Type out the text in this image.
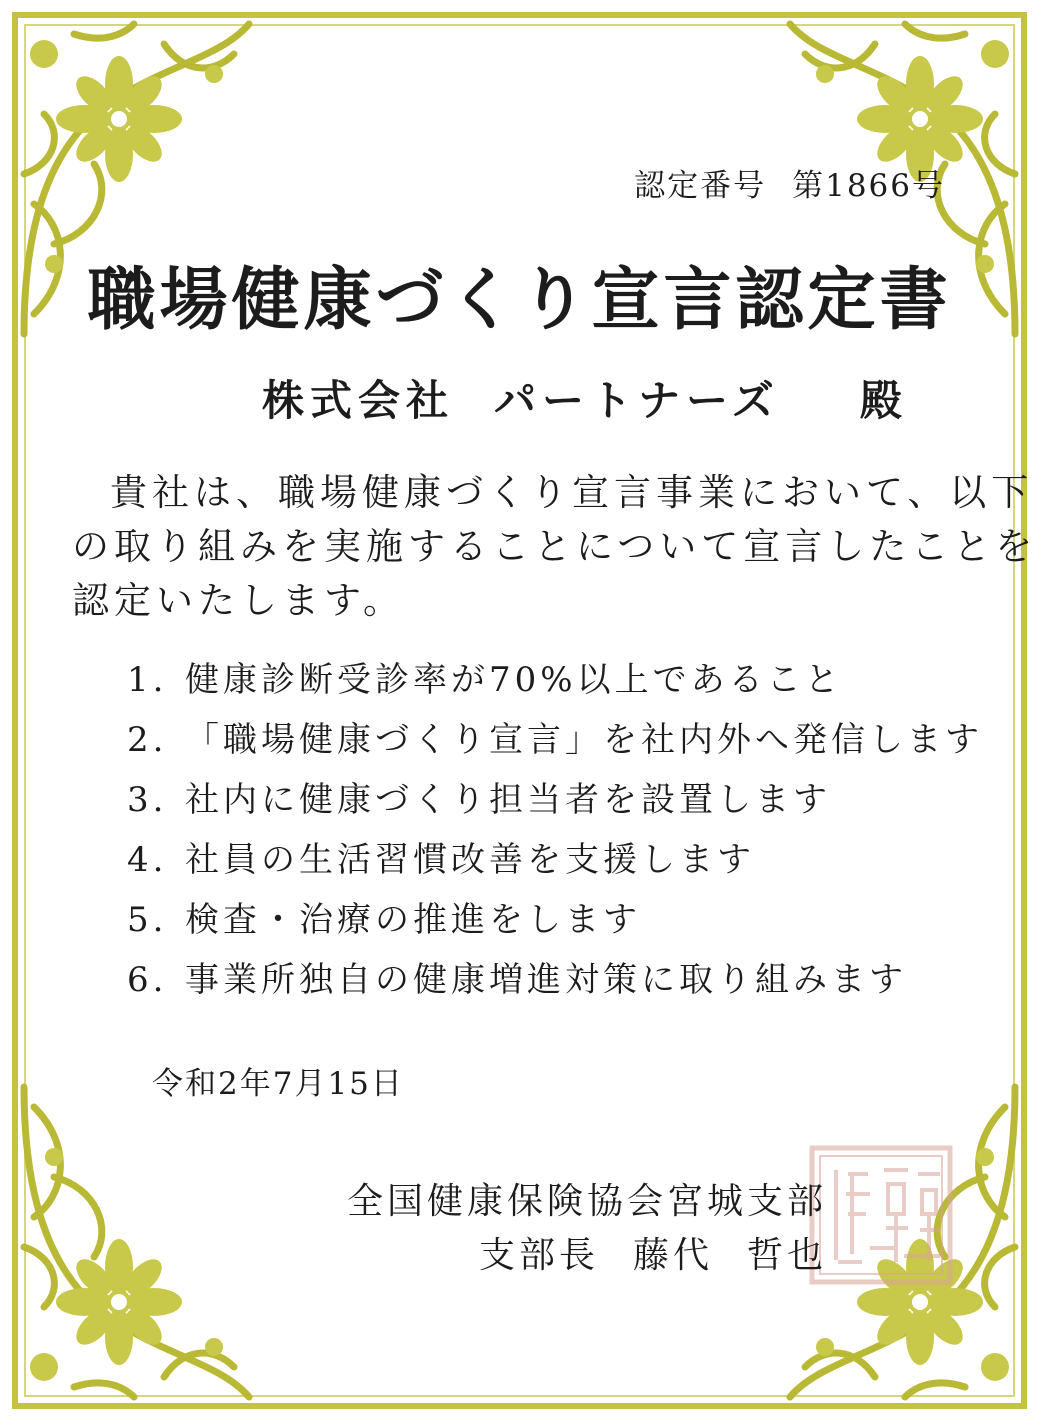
認定番号 第1866号
職場健康づくり宣言認定書
株式会社 パートナーズ 殿
貴社は、職場健康づくり宣言事業において、以下
の取り組みを実施することについて宣言したことを
認定いたします。
1. 健康診断受診率が70%以上であること
2. 「職場健康づくり宣言」を社内外へ発信します
3. 社内に健康づくり担当者を設置します
4. 社員の生活習慣改善を支援します
5. 検査・治療の推進をします
6. 事業所独自の健康増進対策に取り組みます
令和2年7月15日
全国健康保険協会宮城支部
支部長 藤代 哲也
